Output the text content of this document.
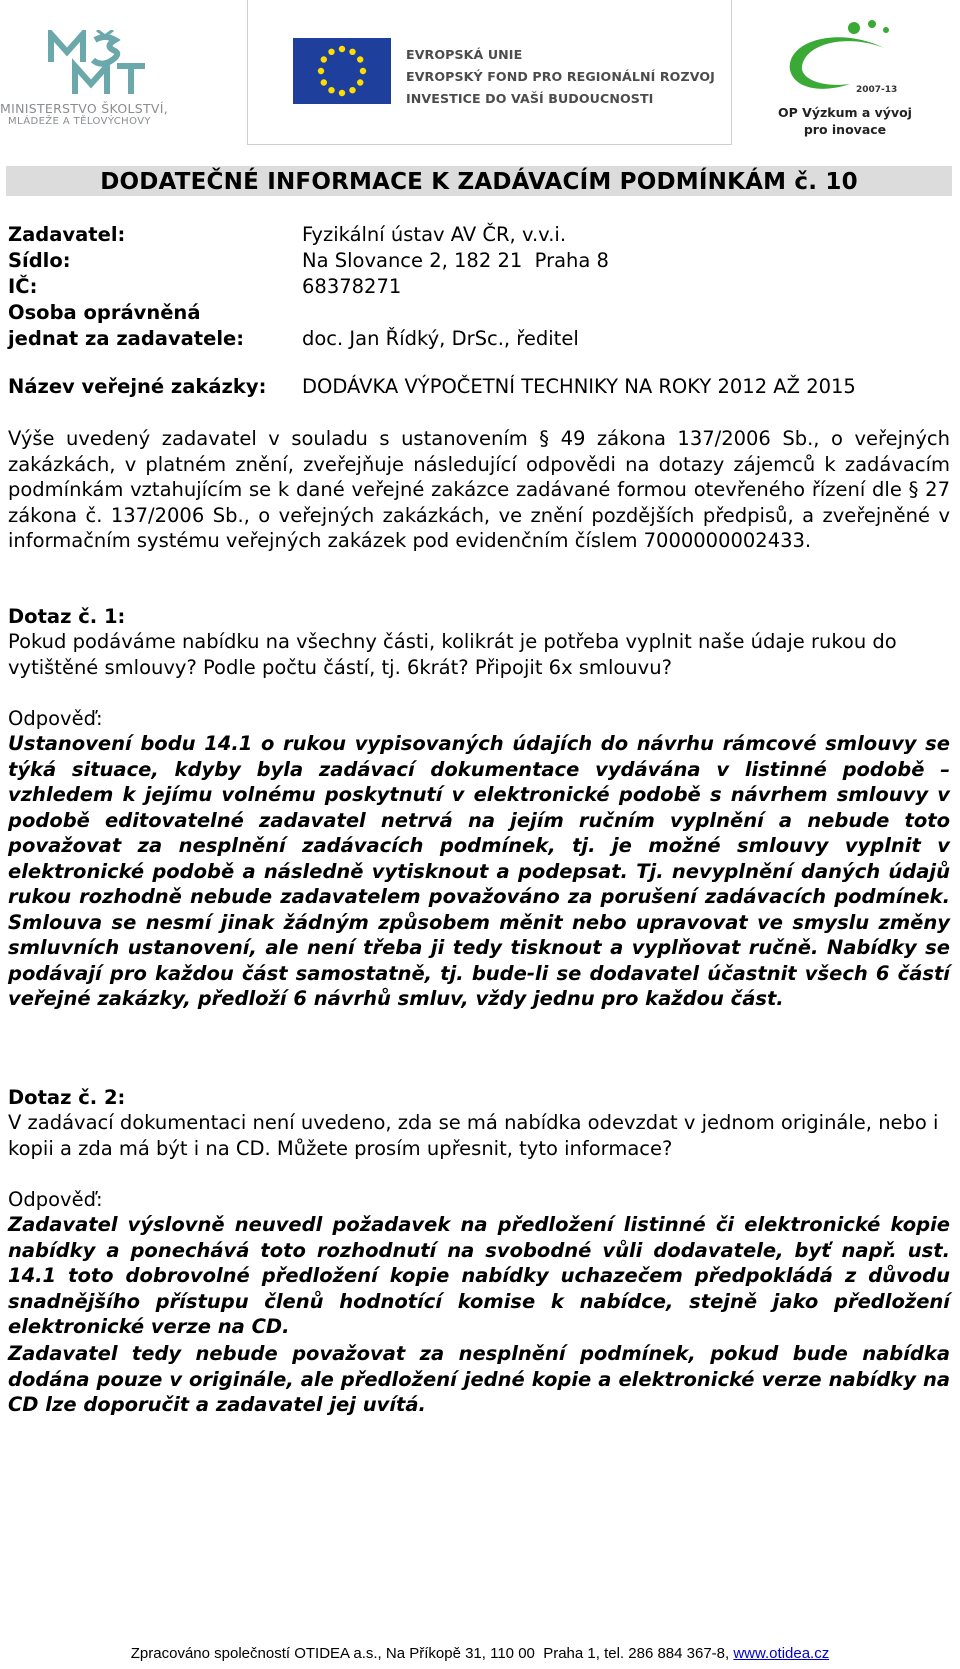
MINISTERSTVO ŠKOLSTVÍ,
MLÁDEŽE A TĚLOVÝCHOVY
EVROPSKÁ UNIE
EVROPSKÝ FOND PRO REGIONÁLNÍ ROZVOJ
INVESTICE DO VAŠÍ BUDOUCNOSTI
2007-13
OP Výzkum a vývoj
pro inovace
DODATEČNÉ INFORMACE K ZADÁVACÍM PODMÍNKÁM č. 10
Zadavatel:	Fyzikální ústav AV ČR, v.v.i.
Sídlo:	Na Slovance 2, 182 21  Praha 8
IČ:	68378271
Osoba oprávněná
jednat za zadavatele:	doc. Jan Řídký, DrSc., ředitel
Název veřejné zakázky: DODÁVKA VÝPOČETNÍ TECHNIKY NA ROKY 2012 AŽ 2015
Výše uvedený zadavatel v souladu s ustanovením § 49 zákona 137/2006 Sb., o veřejných zakázkách, v platném znění, zveřejňuje následující odpovědi na dotazy zájemců k zadávacím podmínkám vztahujícím se k dané veřejné zakázce zadávané formou otevřeného řízení dle § 27 zákona č. 137/2006 Sb., o veřejných zakázkách, ve znění pozdějších předpisů, a zveřejněné v informačním systému veřejných zakázek pod evidenčním číslem 7000000002433.
Dotaz č. 1:
Pokud podáváme nabídku na všechny části, kolikrát je potřeba vyplnit naše údaje rukou do vytištěné smlouvy? Podle počtu částí, tj. 6krát? Připojit 6x smlouvu?
Odpověď:
Ustanovení bodu 14.1 o rukou vypisovaných údajích do návrhu rámcové smlouvy se týká situace, kdyby byla zadávací dokumentace vydávána v listinné podobě – vzhledem k jejímu volnému poskytnutí v elektronické podobě s návrhem smlouvy v podobě editovatelné zadavatel netrvá na jejím ručním vyplnění a nebude toto považovat za nesplnění zadávacích podmínek, tj. je možné smlouvy vyplnit v elektronické podobě a následně vytisknout a podepsat. Tj. nevyplnění daných údajů rukou rozhodně nebude zadavatelem považováno za porušení zadávacích podmínek. Smlouva se nesmí jinak žádným způsobem měnit nebo upravovat ve smyslu změny smluvních ustanovení, ale není třeba ji tedy tisknout a vyplňovat ručně. Nabídky se podávají pro každou část samostatně, tj. bude-li se dodavatel účastnit všech 6 částí veřejné zakázky, předloží 6 návrhů smluv, vždy jednu pro každou část.
Dotaz č. 2:
V zadávací dokumentaci není uvedeno, zda se má nabídka odevzdat v jednom originále, nebo i kopii a zda má být i na CD. Můžete prosím upřesnit, tyto informace?
Odpověď:
Zadavatel výslovně neuvedl požadavek na předložení listinné či elektronické kopie nabídky a ponechává toto rozhodnutí na svobodné vůli dodavatele, byť např. ust. 14.1 toto dobrovolné předložení kopie nabídky uchazečem předpokládá z důvodu snadnějšího přístupu členů hodnotící komise k nabídce, stejně jako předložení elektronické verze na CD.
Zadavatel tedy nebude považovat za nesplnění podmínek, pokud bude nabídka dodána pouze v originále, ale předložení jedné kopie a elektronické verze nabídky na CD lze doporučit a zadavatel jej uvítá.
Zpracováno společností OTIDEA a.s., Na Příkopě 31, 110 00  Praha 1, tel. 286 884 367-8, www.otidea.cz
